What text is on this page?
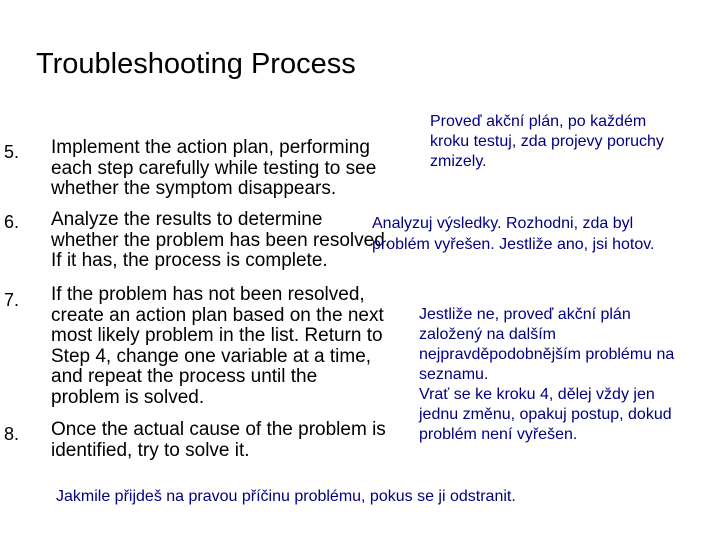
Troubleshooting Process
5. Implement the action plan, performing
each step carefully while testing to see
whether the symptom disappears.
Proveď akční plán, po každém
kroku testuj, zda projevy poruchy
zmizely.
6. Analyze the results to determine
whether the problem has been resolved.
If it has, the process is complete.
Analyzuj výsledky. Rozhodni, zda byl
problém vyřešen. Jestliže ano, jsi hotov.
7. If the problem has not been resolved,
create an action plan based on the next
most likely problem in the list. Return to
Step 4, change one variable at a time,
and repeat the process until the
problem is solved.
Jestliže ne, proveď akční plán
založený na dalším
nejpravděpodobnějším problému na
seznamu.
Vrať se ke kroku 4, dělej vždy jen
jednu změnu, opakuj postup, dokud
problém není vyřešen.
8. Once the actual cause of the problem is
identified, try to solve it.
Jakmile přijdeš na pravou příčinu problému, pokus se ji odstranit.
